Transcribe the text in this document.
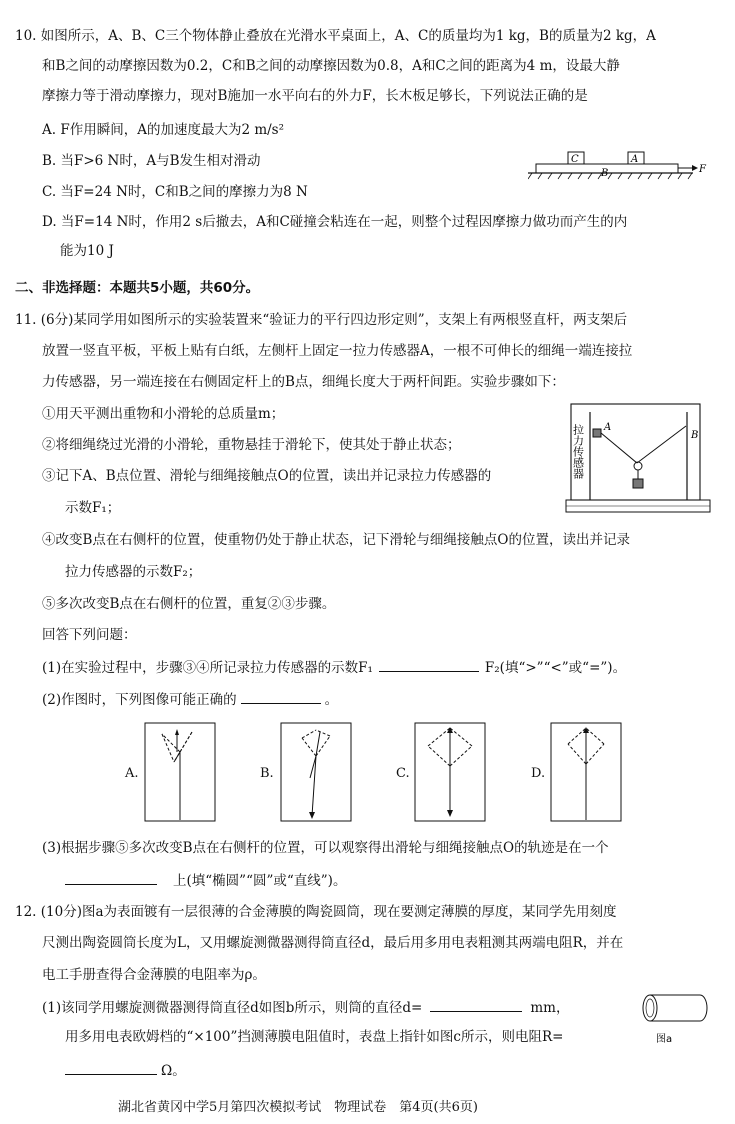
10. 如图所示，A、B、C三个物体静止叠放在光滑水平桌面上，A、C的质量均为1 kg，B的质量为2 kg，A
和B之间的动摩擦因数为0.2，C和B之间的动摩擦因数为0.8，A和C之间的距离为4 m，设最大静
摩擦力等于滑动摩擦力，现对B施加一水平向右的外力F，长木板足够长，下列说法正确的是
A. F作用瞬间，A的加速度最大为2 m/s²
B. 当F>6 N时，A与B发生相对滑动
C. 当F=24 N时，C和B之间的摩擦力为8 N
D. 当F=14 N时，作用2 s后撤去，A和C碰撞会粘连在一起，则整个过程因摩擦力做功而产生的内
能为10 J
C	A
B	F
二、非选择题：本题共5小题，共60分。
11. (6分)某同学用如图所示的实验装置来“验证力的平行四边形定则”，支架上有两根竖直杆，两支架后
放置一竖直平板，平板上贴有白纸，左侧杆上固定一拉力传感器A，一根不可伸长的细绳一端连接拉
力传感器，另一端连接在右侧固定杆上的B点，细绳长度大于两杆间距。实验步骤如下：
①用天平测出重物和小滑轮的总质量m；
②将细绳绕过光滑的小滑轮，重物悬挂于滑轮下，使其处于静止状态；
③记下A、B点位置、滑轮与细绳接触点O的位置，读出并记录拉力传感器的
示数F₁；
④改变B点在右侧杆的位置，使重物仍处于静止状态，记下滑轮与细绳接触点O的位置，读出并记录
拉力传感器的示数F₂；
⑤多次改变B点在右侧杆的位置，重复②③步骤。
回答下列问题：
(1)在实验过程中，步骤③④所记录拉力传感器的示数F₁	F₂(填“>”“<”或“=”)。
(2)作图时，下列图像可能正确的	。
拉力传感器 A
B
A.	B.	C.	D.
(3)根据步骤⑤多次改变B点在右侧杆的位置，可以观察得出滑轮与细绳接触点O的轨迹是在一个
上(填“椭圆”“圆”或“直线”)。
12. (10分)图a为表面镀有一层很薄的合金薄膜的陶瓷圆筒，现在要测定薄膜的厚度，某同学先用刻度
尺测出陶瓷圆筒长度为L，又用螺旋测微器测得筒直径d，最后用多用电表粗测其两端电阻R，并在
电工手册查得合金薄膜的电阻率为ρ。
(1)该同学用螺旋测微器测得筒直径d如图b所示，则筒的直径d=	mm，
用多用电表欧姆档的“×100”挡测薄膜电阻值时，表盘上指针如图c所示，则电阻R=
Ω。
图a
湖北省黄冈中学5月第四次模拟考试　物理试卷　第4页(共6页)
